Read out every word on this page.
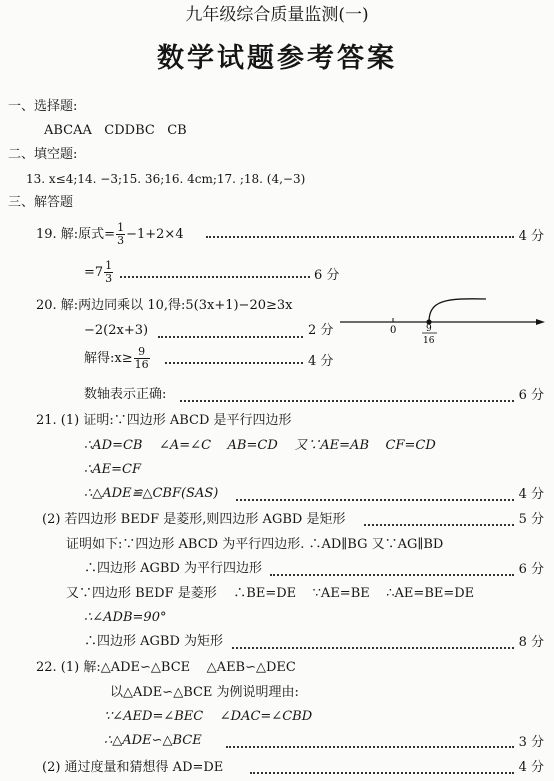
九年级综合质量监测(一)
数学试题参考答案
一、选择题:
ABCAA   CDDBC   CB
二、填空题:
13. x≤4;14. −3;15. 36;16. 4cm;17. ;18. (4,−3)
三、解答题
19. 解:原式= $\frac{1}{3} -1+2\times 4$	4 分
$=7 \frac{1}{3}$	6 分
20. 解:两边同乘以 10,得:5(3x+1)−20≥3x
−2(2x+3)	2 分
解得:x≥ $\frac{9}{16}$	4 分
0	9
16
数轴表示正确:	6 分
21. (1) 证明:∵四边形 ABCD 是平行四边形
∴AD=CB    ∠A=∠C    AB=CD    又∵AE=AB    CF=CD
∴AE=CF
∴△ADE≌△CBF(SAS)	4 分
(2) 若四边形 BEDF 是菱形,则四边形 AGBD 是矩形	5 分
证明如下:∵四边形 ABCD 为平行四边形. ∴AD∥BG 又∵AG∥BD
∴四边形 AGBD 为平行四边形	6 分
又∵四边形 BEDF 是菱形    ∴BE=DE    ∵AE=BE    ∴AE=BE=DE
∴∠ADB=90°
∴四边形 AGBD 为矩形	8 分
22. (1) 解:△ADE∽△BCE    △AEB∽△DEC
以△ADE∽△BCE 为例说明理由:
∵∠AED=∠BEC    ∠DAC=∠CBD
∴△ADE∽△BCE	3 分
(2) 通过度量和猜想得 AD=DE	4 分
